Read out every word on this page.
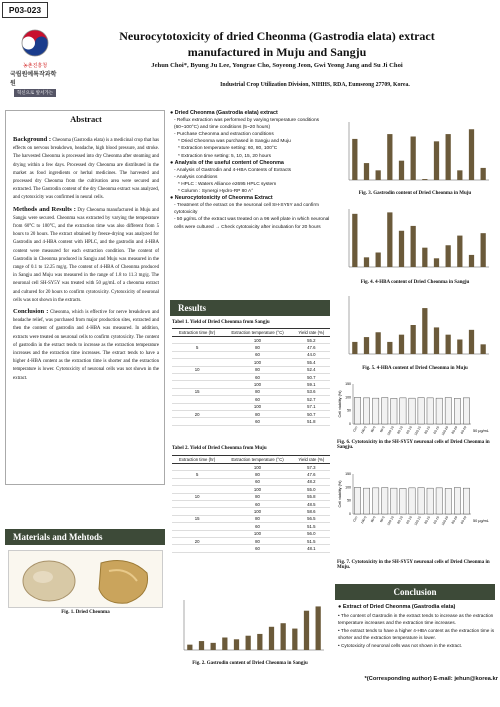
P03-023
농촌진흥청
국립원예특작과학원
혁신으로 앞서가는
Neurocytotoxicity of dried Cheonma (Gastrodia elata) extract
manufactured in Muju and Sangju
Jehun Choi*, Byung Ju Lee, Yongrae Cho, Soyeong Jeon, Gwi Yeong Jang and Su Ji Choi
Industrial Crop Utilization Division, NIHHS, RDA, Eumseong 27709, Korea.
Abstract
Background : Cheonma (Gastrodia elata) is a medicinal crop that has effects on nervous breakdown, headache, high blood pressure, and stroke. The harvested Cheonma is processed into dry Cheonma after steaming and drying within a few days. Processed dry Cheonma are distributed in the market as food ingredients or herbal medicines. The harvested and processed dry Cheonma from the cultivation area were secured and extracted. The Gastrodin content of the dry Cheonma extract was analyzed, and cytotoxicity was confirmed in neural cells.
Methods and Results : Dry Cheonma manufactured in Muju and Sangju were secured. Cheonma was extracted by varying the temperature from 60°C to 100°C, and the extraction time was also different from 5 hours to 20 hours. The extract obtained by freeze-drying was analyzed for Gastrodin and 4-HBA content with HPLC, and the gastrodin and 4-HBA content were measured for each extraction condition. The content of Gastrodin in Cheonma produced in Sangju and Muju was measured in the range of 0.1 to 12.25 mg/g. The content of 4-HBA of Cheonma produced in Sangju and Muju was measured in the range of 1.8 to 11.3 mg/g. The neuronal cell SH-SY5Y was treated with 50 μg/mL of a cheonma extract and cultured for 20 hours to confirm cytotoxicity. Cytotoxicity of neuronal cells was not shown in the extracts.
Conclusion : Cheonma, which is effective for nerve breakdown and headache relief, was purchased from major production sites, extracted and then the content of gastrodin and 4-HBA was measured. In addition, extracts were treated on neuronal cells to confirm cytotoxicity. The content of gastrodin in the extract tends to increase as the extraction temperature increases and the extraction time increases. The extract tends to have a higher 4-HBA content as the extraction time is shorter and the extraction temperature is lower. Cytotoxicity of neuronal cells was not shown in the extract.
Materials and Mehtods
Fig. 1. Dried Cheonma
● Dried Cheonma (Gastrodia elata) extract

- Reflux extraction was performed by varying temperature conditions (60~100°C) and time conditions (5~20 hours)

- Purchase Cheonma and extraction conditions

* Dried Cheonma was purchased in Sangju and Muju

* Extraction temperature setting: 60, 80, 100°C

* Extraction time setting: 5, 10, 15, 20 hours

● Analysis of the useful content of Cheonma

- Analysis of Gastrodin and 4-HBA Contents of Extracts

- Analysis conditions

* HPLC : Waters Alliance e2695 HPLC system

* Column : Synergi Hydro-RP 80 A°

● Neurocytotoxicity of Cheonma Extract

- Treatment of the extract on the neuronal cell SH-SY5Y and confirm cytotoxicity

- 50 μg/mL of the extract was treated on a 96 well plate in which neuronal cells were cultured → Check cytotoxicity after incubation for 20 hours

Results
Tabel 1. Yield of Dried Cheonma from Sangju
Extraction time (hr)	Extraction temperature (°C)	Yield rate (%)
	100	55.2
5	80	47.6
	60	44.0
	100	55.4
10	80	52.4
	60	50.7
	100	59.1
15	80	53.6
	60	52.7
	100	57.1
20	80	50.7
	60	51.8
Tabel 2. Yield of Dried Cheonma from Muju
Extraction time (hr)	Extraction temperature (°C)	Yield rate (%)
	100	57.3
5	80	47.6
	60	48.2
	100	55.0
10	80	55.8
	60	48.5
	100	58.6
15	80	56.5
	60	51.5
	100	56.0
20	80	51.5
	60	48.1
Fig. 2. Gastrodin content of Dried Cheonma in Sangju
Fig. 3. Gastrodin content of Dried Cheonma in Muju
Fig. 4. 4-HBA content of Dried Cheonma in Sangju
Fig. 5. 4-HBA content of Dried Cheonma in Muju
Con 100-5 80-5 60-5 100-10 80-10 60-10 100-15 80-15 60-15 100-20 80-20 60-20
0
50
100
150
Cell viability (%)
50 μg/mL
Fig. 6. Cytotoxicity in the SH-SY5Y neuronal cells of Dried Cheonma in Sangju.
Con 100-5 80-5 60-5 100-10 80-10 60-10 100-15 80-15 60-15 100-20 80-20 60-20
0
50
100
150
Cell viability (%)
50 μg/mL
Fig. 7. Cytotoxicity in the SH-SY5Y neuronal cells of Dried Cheonma in Muju.
Conclusion
● Extract of Dried Cheonma (Gastrodia elata)
• The content of Gastrodin in the extract tends to increase as the extraction temperature increases and the extraction time increases.
• The extract tends to have a higher 4-HBA content as the extraction time is shorter and the extraction temperature is lower.
• Cytotoxicity of neuronal cells was not shown in the extract.
*(Corresponding author) E-mail: jehun@korea.kr
